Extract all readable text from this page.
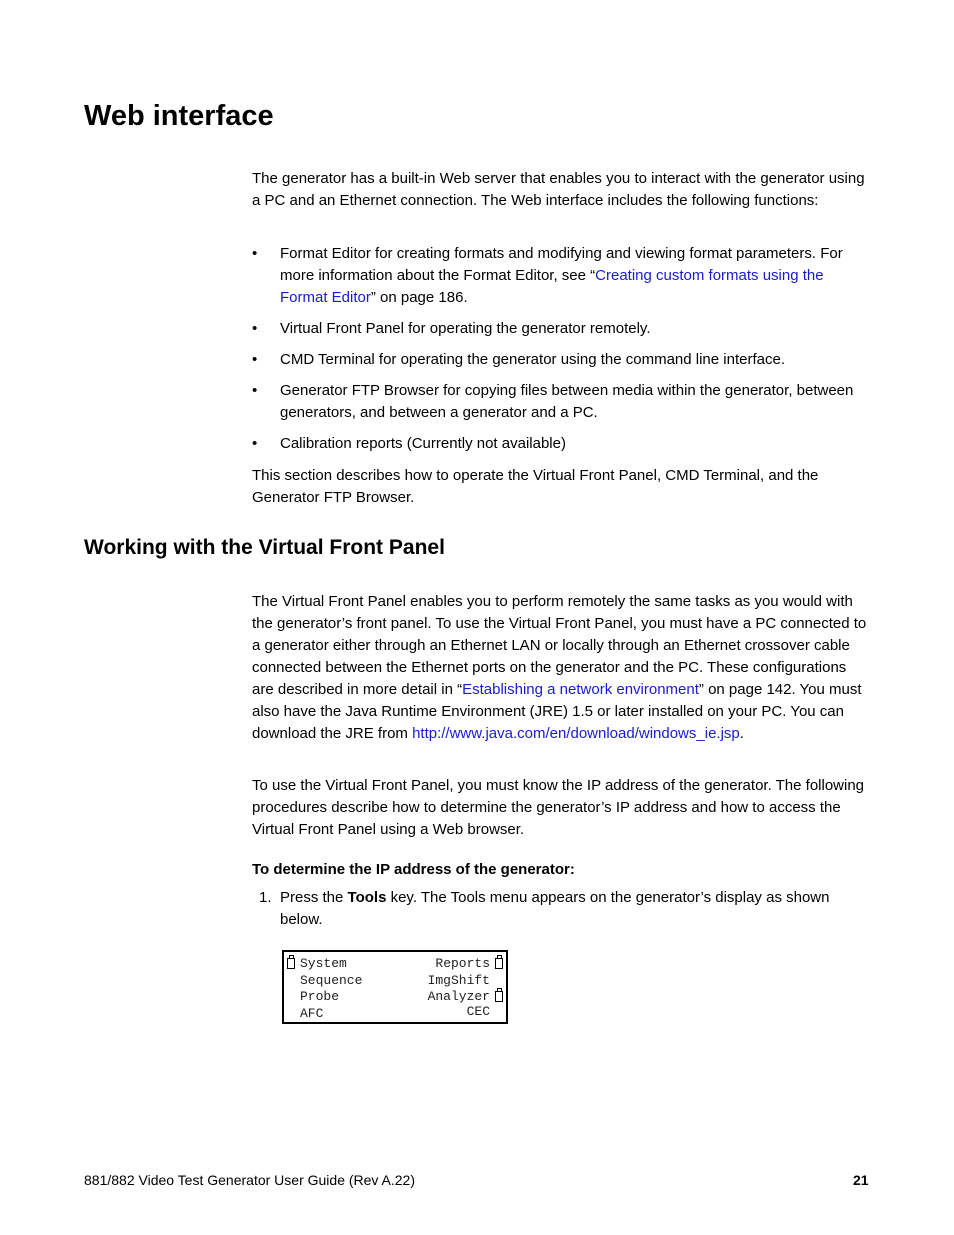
Web interface
The generator has a built-in Web server that enables you to interact with the generator using a PC and an Ethernet connection. The Web interface includes the following functions:
• Format Editor for creating formats and modifying and viewing format parameters. For more information about the Format Editor, see “Creating custom formats using the Format Editor” on page 186.
• Virtual Front Panel for operating the generator remotely.
• CMD Terminal for operating the generator using the command line interface.
• Generator FTP Browser for copying files between media within the generator, between generators, and between a generator and a PC.
• Calibration reports (Currently not available)
This section describes how to operate the Virtual Front Panel, CMD Terminal, and the Generator FTP Browser.
Working with the Virtual Front Panel
The Virtual Front Panel enables you to perform remotely the same tasks as you would with the generator’s front panel. To use the Virtual Front Panel, you must have a PC connected to a generator either through an Ethernet LAN or locally through an Ethernet crossover cable connected between the Ethernet ports on the generator and the PC. These configurations are described in more detail in “Establishing a network environment” on page 142. You must also have the Java Runtime Environment (JRE) 1.5 or later installed on your PC. You can download the JRE from http://www.java.com/en/download/windows_ie.jsp.
To use the Virtual Front Panel, you must know the IP address of the generator. The following procedures describe how to determine the generator’s IP address and how to access the Virtual Front Panel using a Web browser.
To determine the IP address of the generator:
1. Press the Tools key. The Tools menu appears on the generator’s display as shown below.
System	Reports
Sequence	ImgShift
Probe	Analyzer
AFC	CEC
881/882 Video Test Generator User Guide (Rev A.22)	21
